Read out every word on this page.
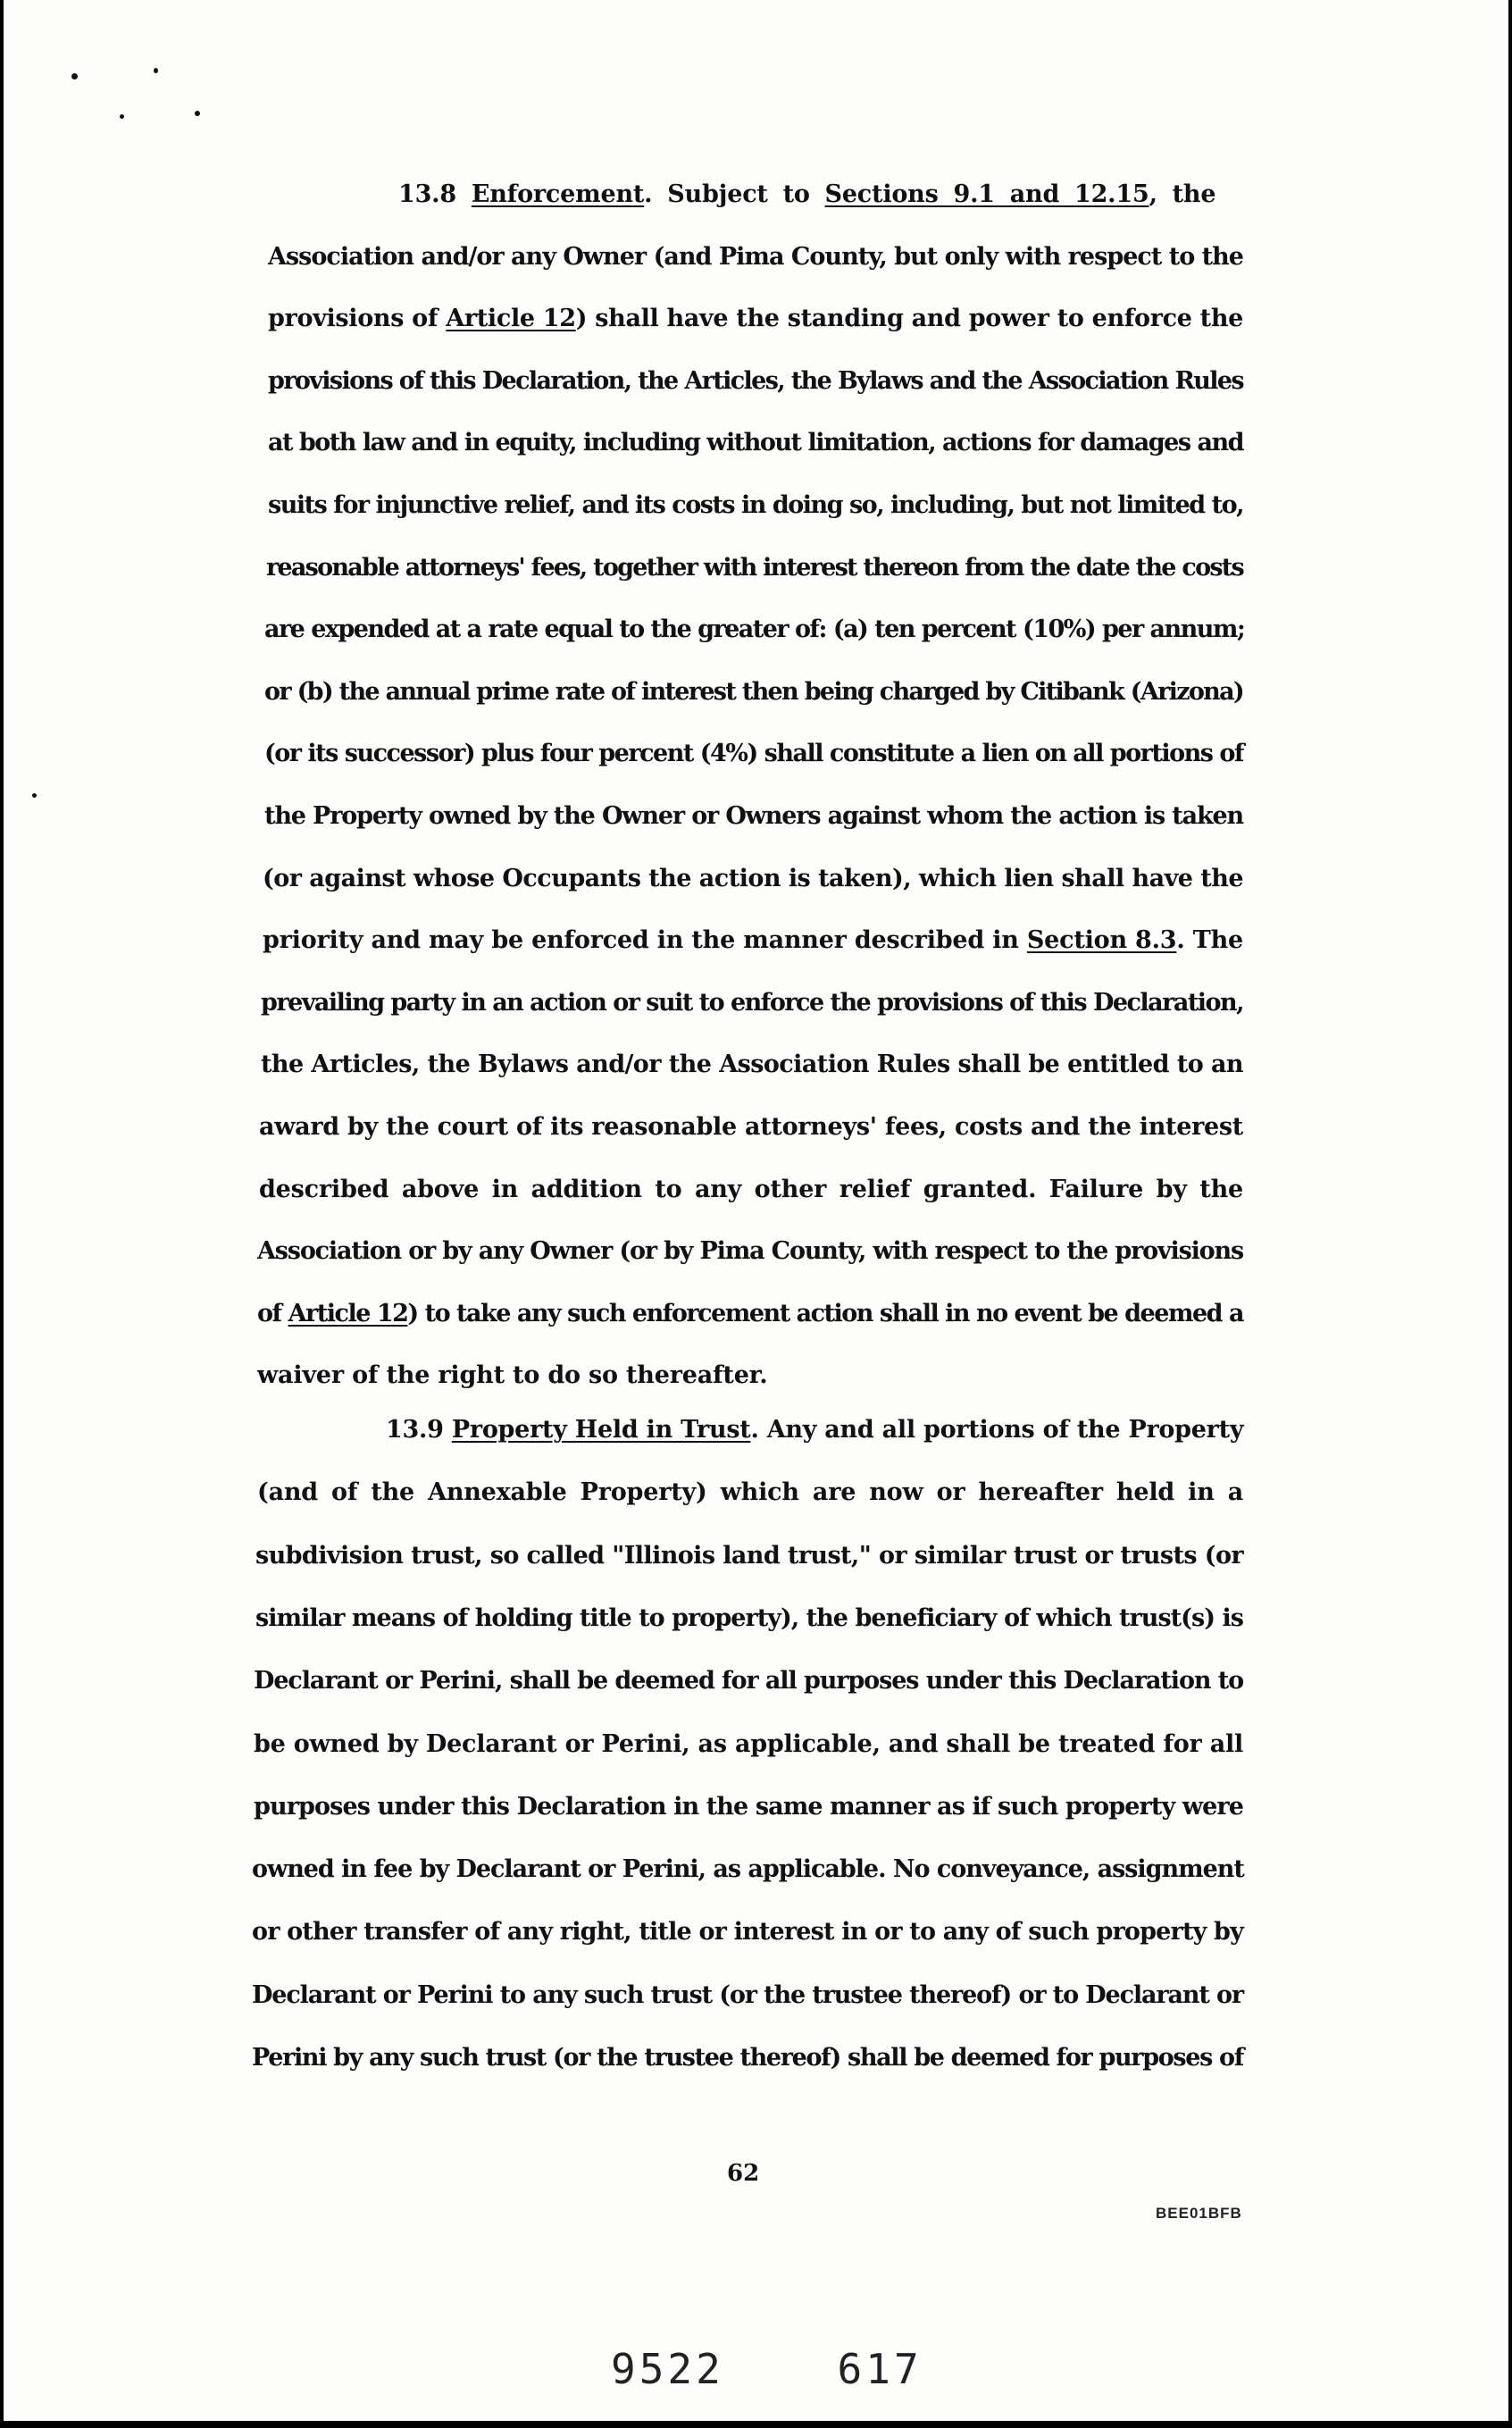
13.8 Enforcement. Subject to Sections 9.1 and 12.15, the
Association and/or any Owner (and Pima County, but only with respect to the
provisions of Article 12) shall have the standing and power to enforce the
provisions of this Declaration, the Articles, the Bylaws and the Association Rules
at both law and in equity, including without limitation, actions for damages and
suits for injunctive relief, and its costs in doing so, including, but not limited to,
reasonable attorneys' fees, together with interest thereon from the date the costs
are expended at a rate equal to the greater of: (a) ten percent (10%) per annum;
or (b) the annual prime rate of interest then being charged by Citibank (Arizona)
(or its successor) plus four percent (4%) shall constitute a lien on all portions of
the Property owned by the Owner or Owners against whom the action is taken
(or against whose Occupants the action is taken), which lien shall have the
priority and may be enforced in the manner described in Section 8.3. The
prevailing party in an action or suit to enforce the provisions of this Declaration,
the Articles, the Bylaws and/or the Association Rules shall be entitled to an
award by the court of its reasonable attorneys' fees, costs and the interest
described above in addition to any other relief granted. Failure by the
Association or by any Owner (or by Pima County, with respect to the provisions
of Article 12) to take any such enforcement action shall in no event be deemed a
waiver of the right to do so thereafter.
13.9 Property Held in Trust. Any and all portions of the Property
(and of the Annexable Property) which are now or hereafter held in a
subdivision trust, so called "Illinois land trust," or similar trust or trusts (or
similar means of holding title to property), the beneficiary of which trust(s) is
Declarant or Perini, shall be deemed for all purposes under this Declaration to
be owned by Declarant or Perini, as applicable, and shall be treated for all
purposes under this Declaration in the same manner as if such property were
owned in fee by Declarant or Perini, as applicable. No conveyance, assignment
or other transfer of any right, title or interest in or to any of such property by
Declarant or Perini to any such trust (or the trustee thereof) or to Declarant or
Perini by any such trust (or the trustee thereof) shall be deemed for purposes of
62
BEE01BFB
9522    617
